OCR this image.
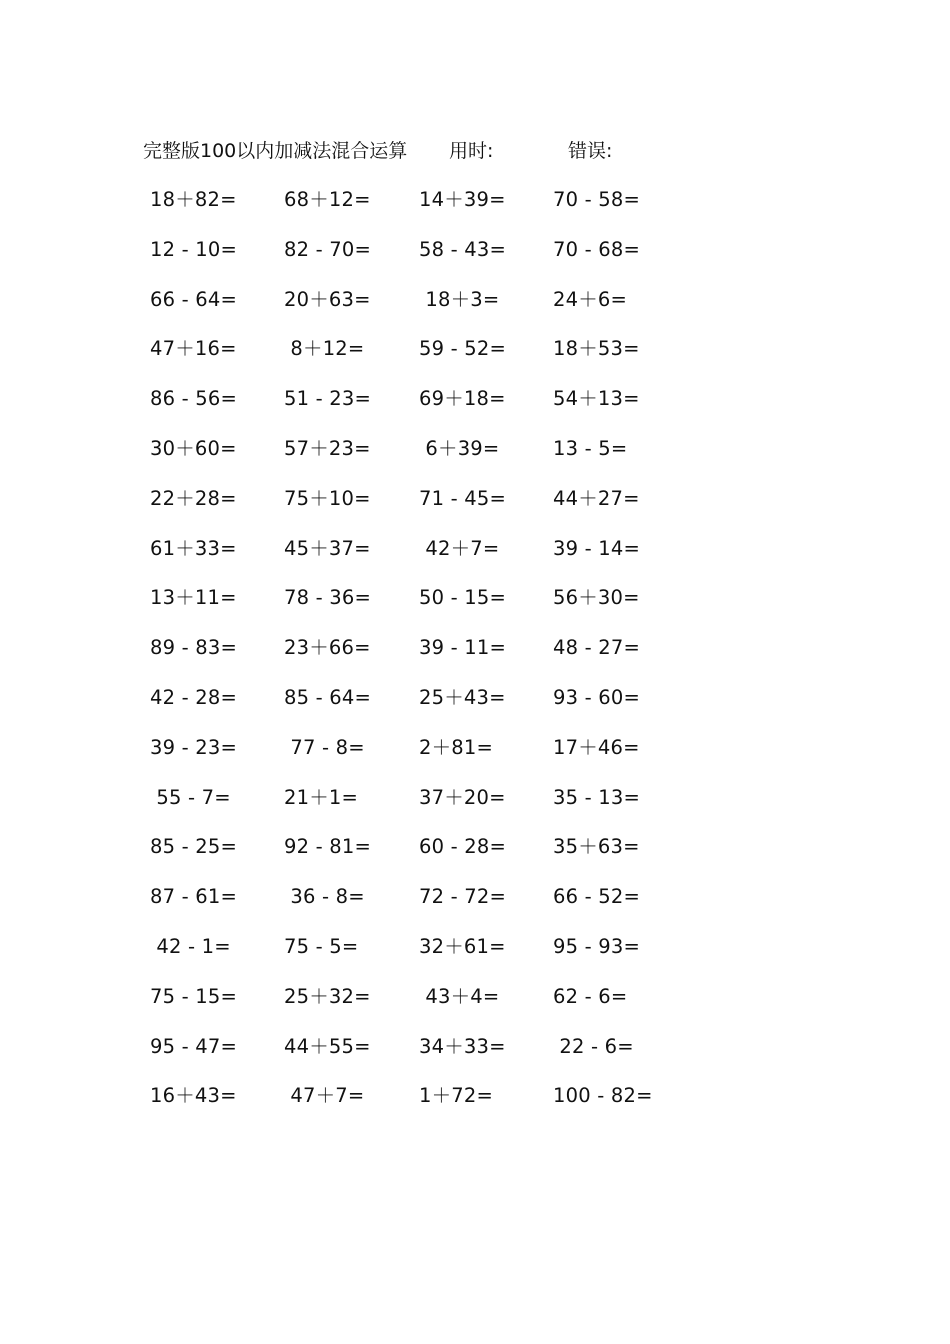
完整版100以内加减法混合运算 用时:	错误:
18＋82= 68＋12= 14＋39= 70 - 58=
12 - 10= 82 - 70= 58 - 43= 70 - 68=
66 - 64= 20＋63= 18＋3=	24＋6=
47＋16= 8＋12=	59 - 52= 18＋53=
86 - 56= 51 - 23= 69＋18= 54＋13=
30＋60= 57＋23= 6＋39=	13 - 5=
22＋28= 75＋10= 71 - 45= 44＋27=
61＋33= 45＋37= 42＋7=	39 - 14=
13＋11= 78 - 36= 50 - 15= 56＋30=
89 - 83= 23＋66= 39 - 11= 48 - 27=
42 - 28= 85 - 64= 25＋43= 93 - 60=
39 - 23= 77 - 8=	2＋81=	17＋46=
55 - 7=	21＋1=	37＋20= 35 - 13=
85 - 25= 92 - 81= 60 - 28= 35＋63=
87 - 61= 36 - 8=	72 - 72= 66 - 52=
42 - 1=	75 - 5=	32＋61= 95 - 93=
75 - 15= 25＋32= 43＋4=	62 - 6=
95 - 47= 44＋55= 34＋33= 22 - 6=
16＋43= 47＋7=	1＋72=	100 - 82=
